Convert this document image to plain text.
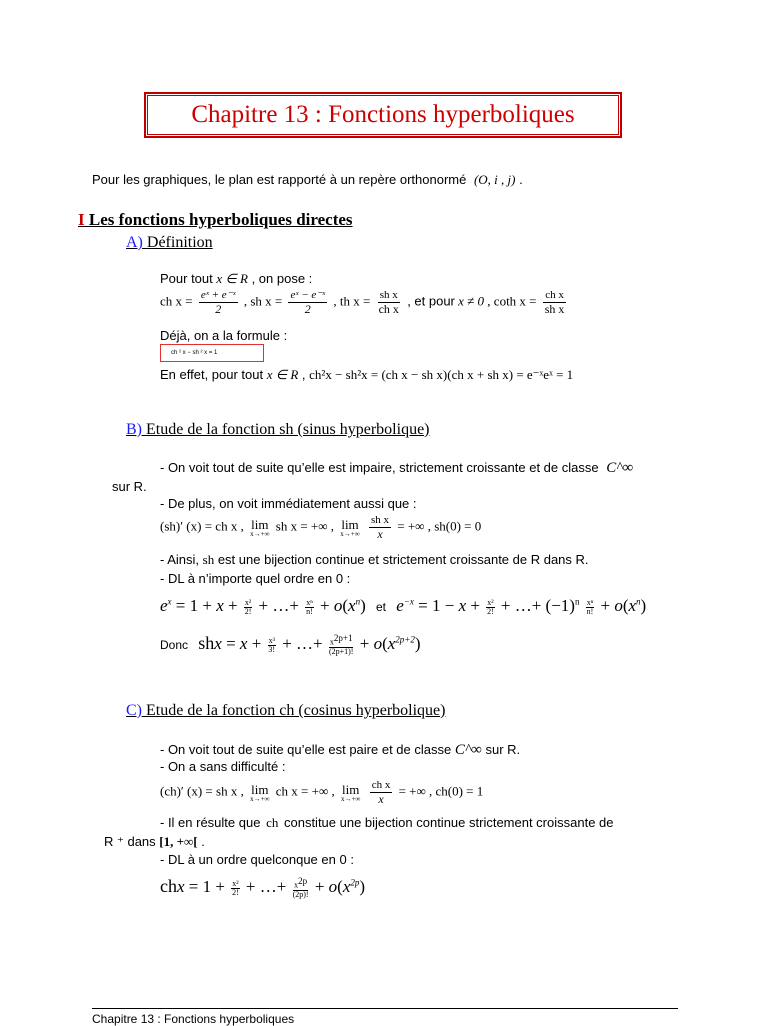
Chapitre 13 : Fonctions hyperboliques
Pour les graphiques, le plan est rapporté à un repère orthonormé (O, i , j) .
I Les fonctions hyperboliques directes
A) Définition
Pour tout x ∈ R , on pose :
ch $x = \frac{\text{eˣ + e⁻ˣ}}{2}$ , sh $x = \frac{\text{eˣ − e⁻ˣ}}{2}$ , th $x = \frac{\text{sh x}}{\text{ch x}}$ , et pour x ≠ 0 , coth $x = \frac{\text{ch x}}{\text{sh x}}$
Déjà, on a la formule :
ch ² x − sh ² x = 1
En effet, pour tout x ∈ R , ch²x − sh²x = (ch x − sh x)(ch x + sh x) = e⁻ˣeˣ = 1
B) Etude de la fonction sh (sinus hyperbolique)
- On voit tout de suite qu’elle est impaire, strictement croissante et de classe C^∞
sur R.
- De plus, on voit immédiatement aussi que :
(sh)′ (x) = ch x , lim
x→+∞
sh x = +∞ , lim
x→+∞
$\frac{\text{sh x}}{x}$ = +∞ , sh(0) = 0
- Ainsi, sh est une bijection continue et strictement croissante de R dans R.
- DL à n’importe quel ordre en 0 :
$e^x = 1 + x + \frac{\text{x²}}{2!}$ + …+ $\frac{\text{xⁿ}}{n!} + o(x^n)$ et $e^{-x} = 1 - x + \frac{\text{x²}}{2!}$ + …+ $(-1)^n \frac{\text{xⁿ}}{n!} + o(x^n)$
Donc shx = $x + \frac{\text{x³}}{3!}$ + …+ $\frac{x^{2p+1}}{(2p+1)!} + o(x^{2p+2})$
C) Etude de la fonction ch (cosinus hyperbolique)
- On voit tout de suite qu’elle est paire et de classe C^∞ sur R.
- On a sans difficulté :
(ch)′ (x) = sh x , lim
x→+∞
ch x = +∞ , lim
x→+∞
$\frac{\text{ch x}}{x}$ = +∞ , ch(0) = 1
- Il en résulte que ch constitue une bijection continue strictement croissante de
R ⁺ dans [1, +∞[ .
- DL à un ordre quelconque en 0 :
chx = $1 + \frac{\text{x²}}{2!}$ + …+ $\frac{x^{2p}}{(2p)!} + o(x^{2p})$
Chapitre 13 : Fonctions hyperboliques
